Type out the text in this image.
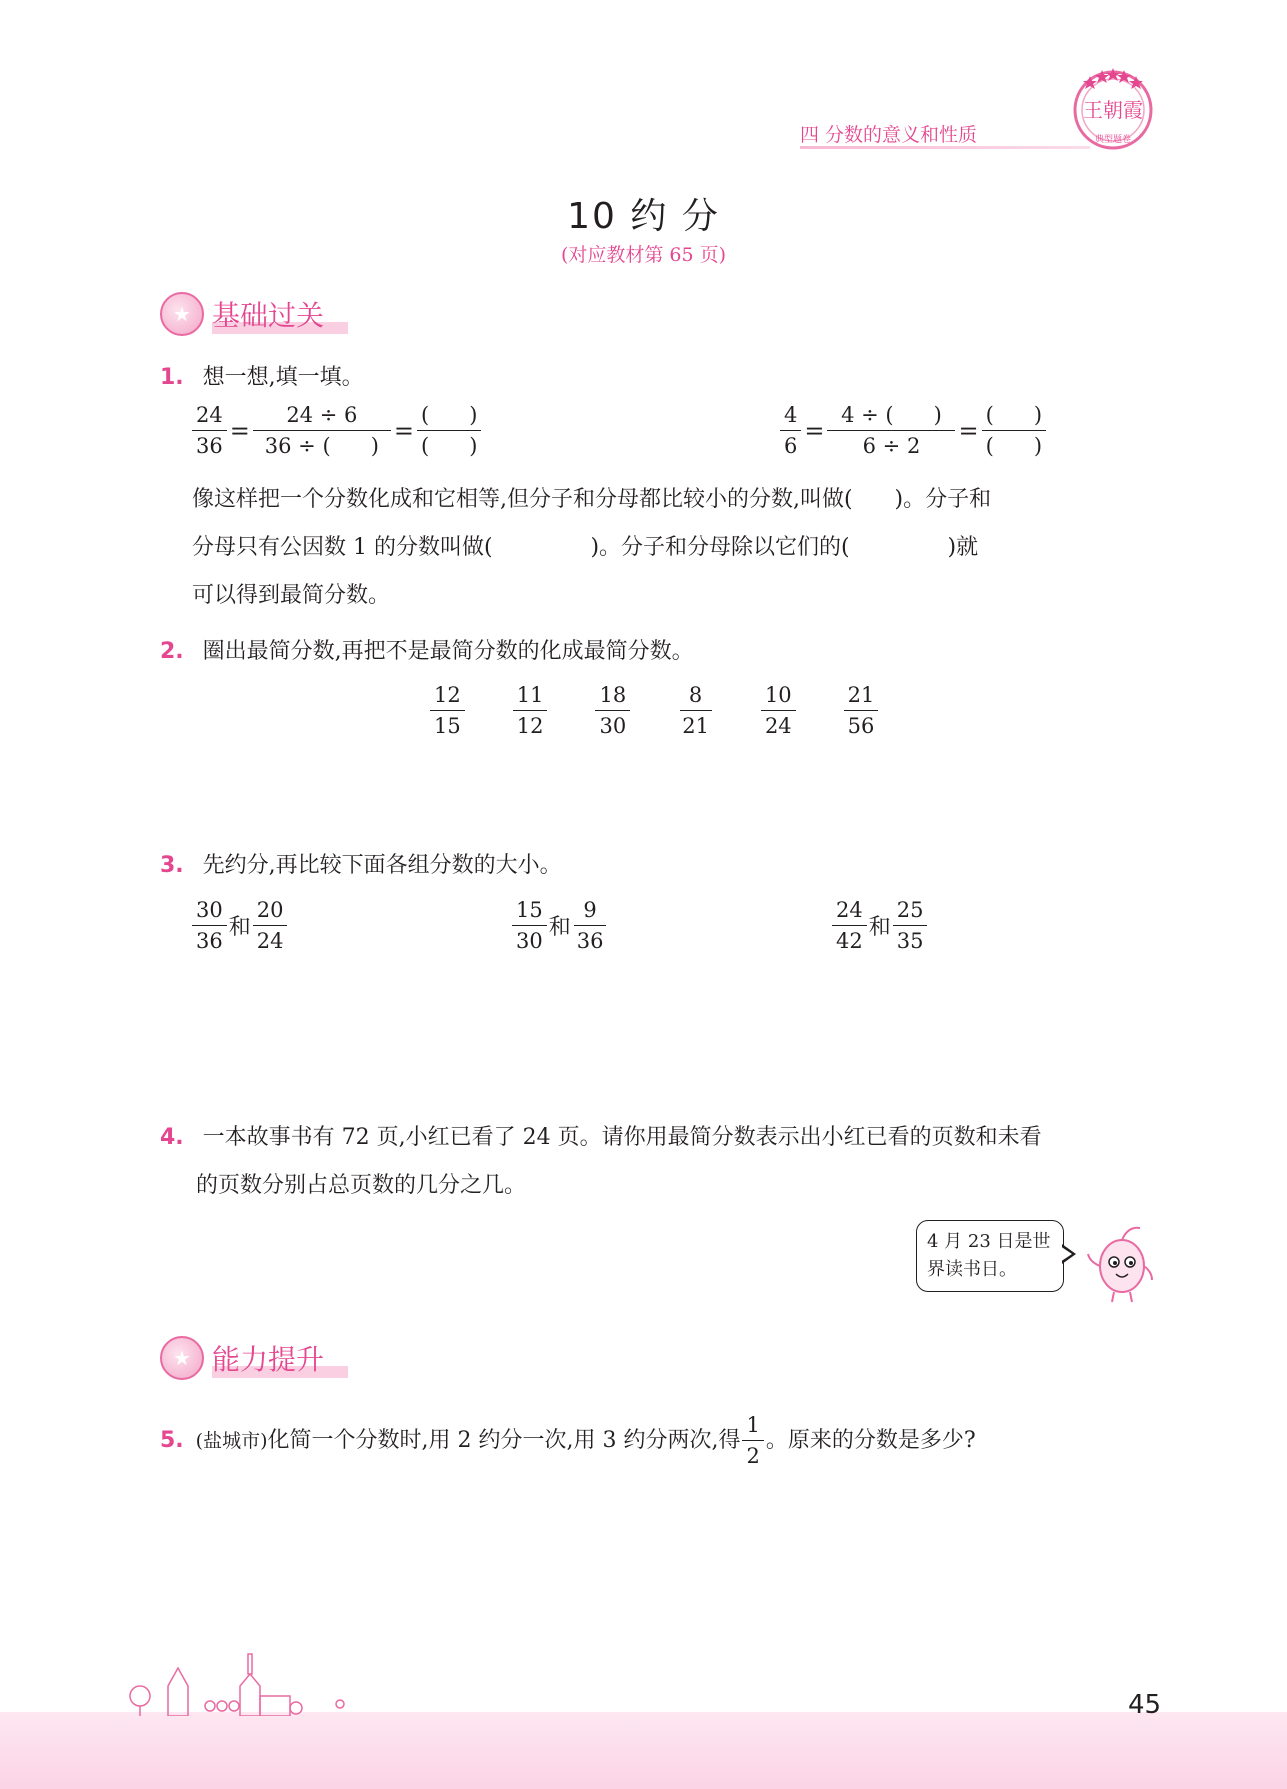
王朝霞
典型题卷
四 分数的意义和性质
10 约 分
(对应教材第 65 页)
★ 基础过关
1. 想一想,填一填。
$\frac{24}{36} = \frac{24 \div 6}{36 \div ( )} = \frac{( )}{( )}$	$\frac{4}{6} = \frac{4 \div ( )}{6 \div 2} = \frac{( )}{( )}$
像这样把一个分数化成和它相等,但分子和分母都比较小的分数,叫做(      )。分子和
分母只有公因数 1 的分数叫做(              )。分子和分母除以它们的(              )就
可以得到最简分数。
2. 圈出最简分数,再把不是最简分数的化成最简分数。
$\frac{12}{15} \frac{11}{12} \frac{18}{30} \frac{8}{21} \frac{10}{24} \frac{21}{56}$
3. 先约分,再比较下面各组分数的大小。
$\frac{30}{36}$ 和 $\frac{20}{24}$	$\frac{15}{30}$ 和 $\frac{9}{36}$	$\frac{24}{42}$ 和 $\frac{25}{35}$
4. 一本故事书有 72 页,小红已看了 24 页。请你用最简分数表示出小红已看的页数和未看
的页数分别占总页数的几分之几。
4 月 23 日是世
界读书日。
★ 能力提升
5. (盐城市) 化简一个分数时,用 2 约分一次,用 3 约分两次,得 $\frac{1}{2}$ 。原来的分数是多少?
45
